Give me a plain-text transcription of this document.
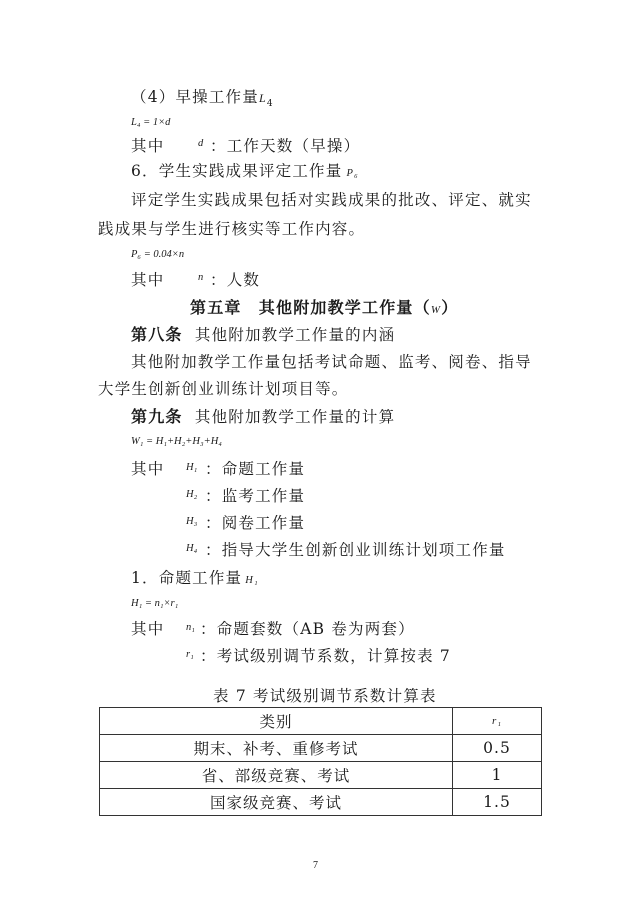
（4）早操工作量$L_4$
L₄ = 1×d
其中	d ：工作天数（早操）
6．学生实践成果评定工作量 P₆
评定学生实践成果包括对实践成果的批改、评定、就实
践成果与学生进行核实等工作内容。
P₆ = 0.04×n
其中	n ：人数
第五章　其他附加教学工作量（W）
第八条 其他附加教学工作量的内涵
其他附加教学工作量包括考试命题、监考、阅卷、指导
大学生创新创业训练计划项目等。
第九条 其他附加教学工作量的计算
W₁ = H₁+H₂+H₃+H₄
其中 H₁ ：命题工作量
H₂ ：监考工作量
H₃ ：阅卷工作量
H₄ ：指导大学生创新创业训练计划项工作量
1．命题工作量 H₁
H₁ = n₁×r₁
其中 n₁ ：命题套数（AB 卷为两套）
r₁ ：考试级别调节系数，计算按表 7
表 7 考试级别调节系数计算表
类别	r₁
期末、补考、重修考试	0.5
省、部级竞赛、考试	1
国家级竞赛、考试	1.5
7
